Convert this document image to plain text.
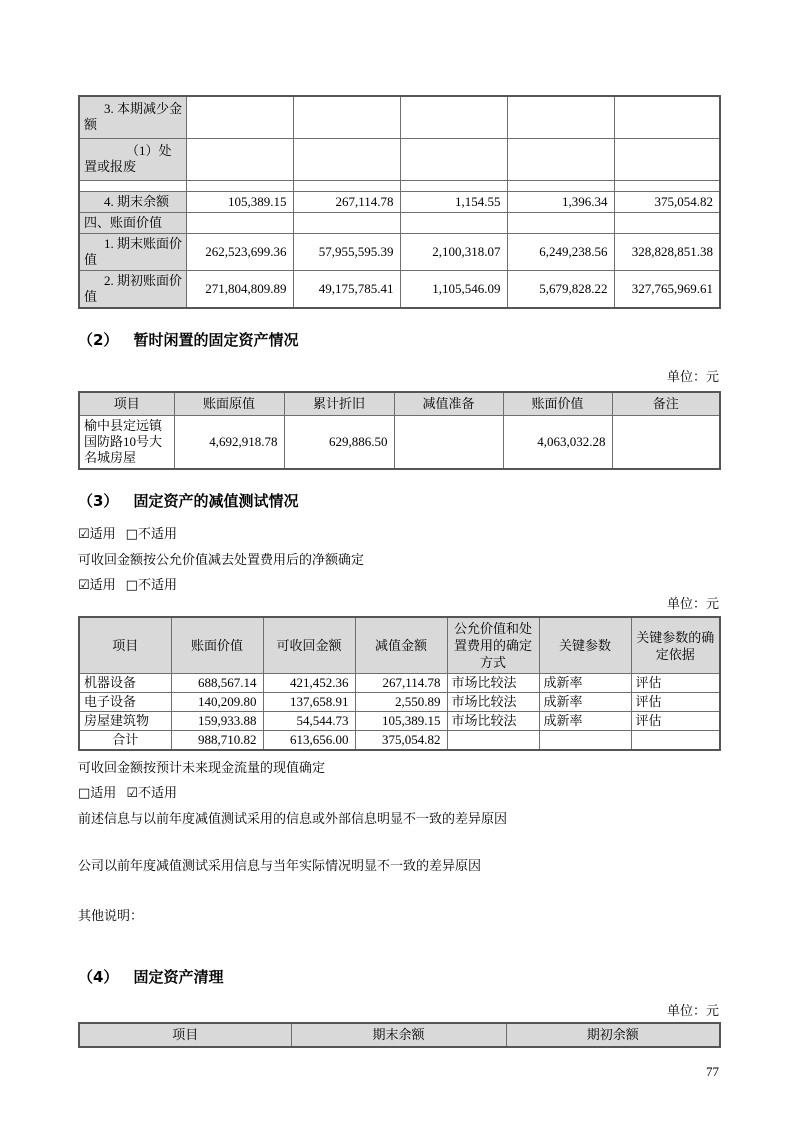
3. 本期减少金额					
（1）处置或报废					

4. 期末余额	105,389.15	267,114.78	1,154.55	1,396.34	375,054.82
四、账面价值					
1. 期末账面价值	262,523,699.36	57,955,595.39	2,100,318.07	6,249,238.56	328,828,851.38
2. 期初账面价值	271,804,809.89	49,175,785.41	1,105,546.09	5,679,828.22	327,765,969.61
（2） 暂时闲置的固定资产情况
单位：元
项目	账面原值	累计折旧	减值准备	账面价值	备注
榆中县定远镇国防路10号大名城房屋	4,692,918.78	629,886.50		4,063,032.28	
（3） 固定资产的减值测试情况

☑适用 □不适用

可收回金额按公允价值减去处置费用后的净额确定

☑适用 □不适用

单位：元
项目	账面价值	可收回金额	减值金额	公允价值和处置费用的确定方式	关键参数	关键参数的确定依据
机器设备	688,567.14	421,452.36	267,114.78	市场比较法	成新率	评估
电子设备	140,209.80	137,658.91	2,550.89	市场比较法	成新率	评估
房屋建筑物	159,933.88	54,544.73	105,389.15	市场比较法	成新率	评估
合计	988,710.82	613,656.00	375,054.82			

可收回金额按预计未来现金流量的现值确定

□适用 ☑不适用

前述信息与以前年度减值测试采用的信息或外部信息明显不一致的差异原因

公司以前年度减值测试采用信息与当年实际情况明显不一致的差异原因

其他说明：

（4） 固定资产清理
单位：元
项目	期末余额	期初余额
77
